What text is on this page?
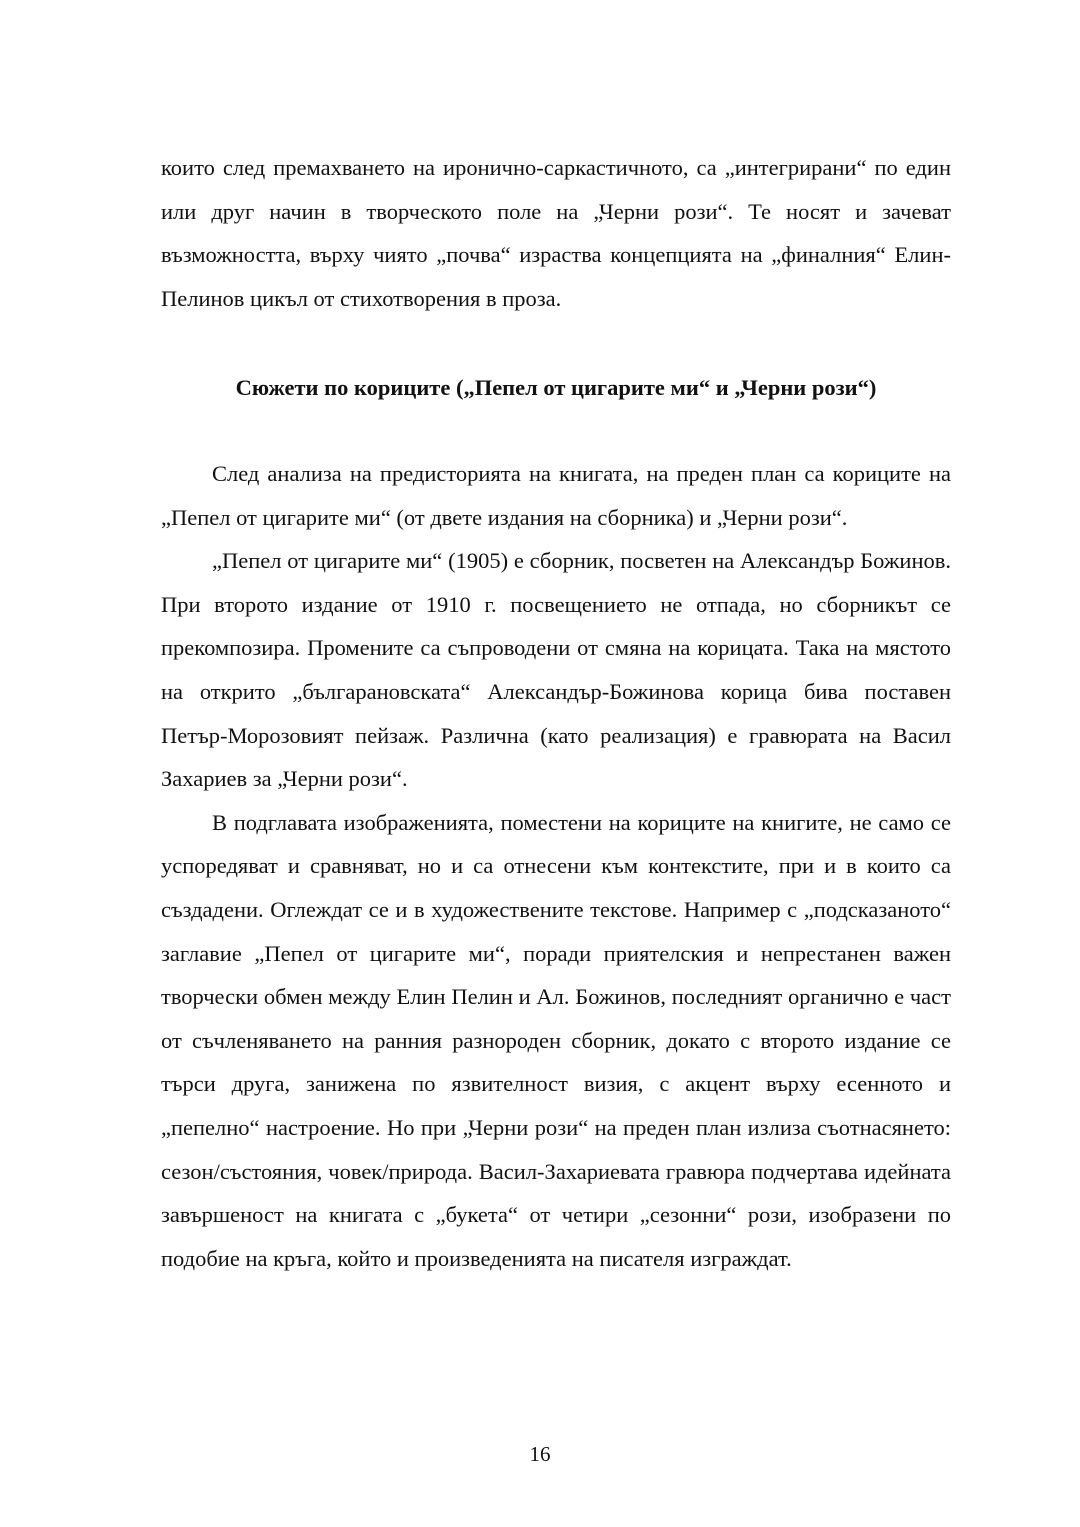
които след премахването на иронично-саркастичното, са „интегрирани“ по един или друг начин в творческото поле на „Черни рози“. Те носят и зачеват възможността, върху чиято „почва“ израства концепцията на „финалния“ Елин-Пелинов цикъл от стихотворения в проза.

Сюжети по кориците („Пепел от цигарите ми“ и „Черни рози“)

След анализа на предисторията на книгата, на преден план са кориците на „Пепел от цигарите ми“ (от двете издания на сборника) и „Черни рози“.

„Пепел от цигарите ми“ (1905) е сборник, посветен на Александър Божинов. При второто издание от 1910 г. посвещението не отпада, но сборникът се прекомпозира. Промените са съпроводени от смяна на корицата. Така на мястото на открито „българановската“ Александър-Божинова корица бива поставен Петър-Морозовият пейзаж. Различна (като реализация) е гравюрата на Васил Захариев за „Черни рози“.

В подглавата изображенията, поместени на кориците на книгите, не само се успоредяват и сравняват, но и са отнесени към контекстите, при и в които са създадени. Оглеждат се и в художествените текстове. Например с „подсказаното“ заглавие „Пепел от цигарите ми“, поради приятелския и непрестанен важен творчески обмен между Елин Пелин и Ал. Божинов, последният органично е част от съчленяването на ранния разнороден сборник, докато с второто издание се търси друга, занижена по язвителност визия, с акцент върху есенното и „пепелно“ настроение. Но при „Черни рози“ на преден план излиза съотнасянето: сезон/състояния, човек/природа. Васил-Захариевата гравюра подчертава идейната завършеност на книгата с „букета“ от четири „сезонни“ рози, изобразени по подобие на кръга, който и произведенията на писателя изграждат.

16
